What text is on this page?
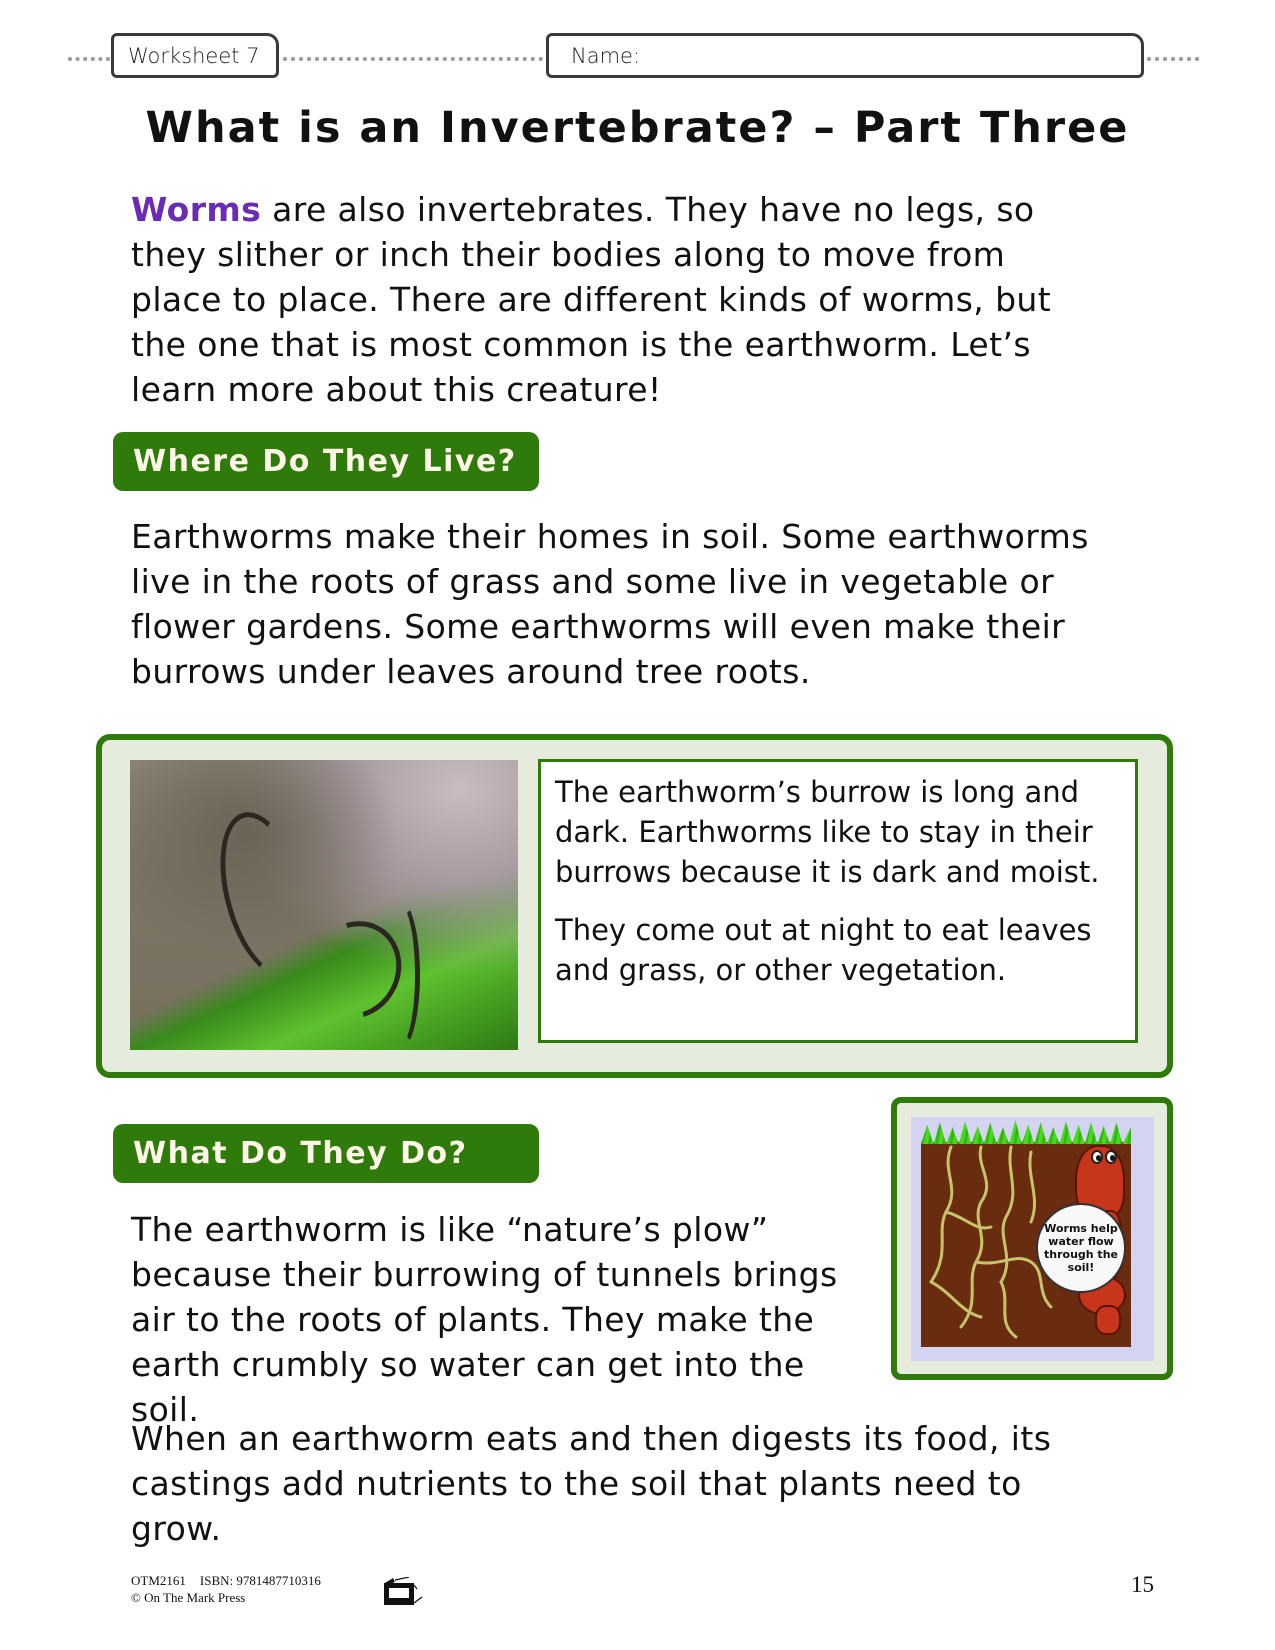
Worksheet 7	Name:
What is an Invertebrate? – Part Three
Worms are also invertebrates. They have no legs, so they slither or inch their bodies along to move from place to place. There are different kinds of worms, but the one that is most common is the earthworm. Let’s learn more about this creature!
Where Do They Live?
Earthworms make their homes in soil. Some earthworms live in the roots of grass and some live in vegetable or flower gardens. Some earthworms will even make their burrows under leaves around tree roots.

The earthworm’s burrow is long and dark. Earthworms like to stay in their burrows because it is dark and moist.

They come out at night to eat leaves and grass, or other vegetation.

What Do They Do?
The earthworm is like “nature’s plow” because their burrowing of tunnels brings air to the roots of plants. They make the earth crumbly so water can get into the soil.
When an earthworm eats and then digests its food, its castings add nutrients to the soil that plants need to grow.
Worms help water flow through the soil!
OTM2161 ISBN: 9781487710316
© On The Mark Press
15
